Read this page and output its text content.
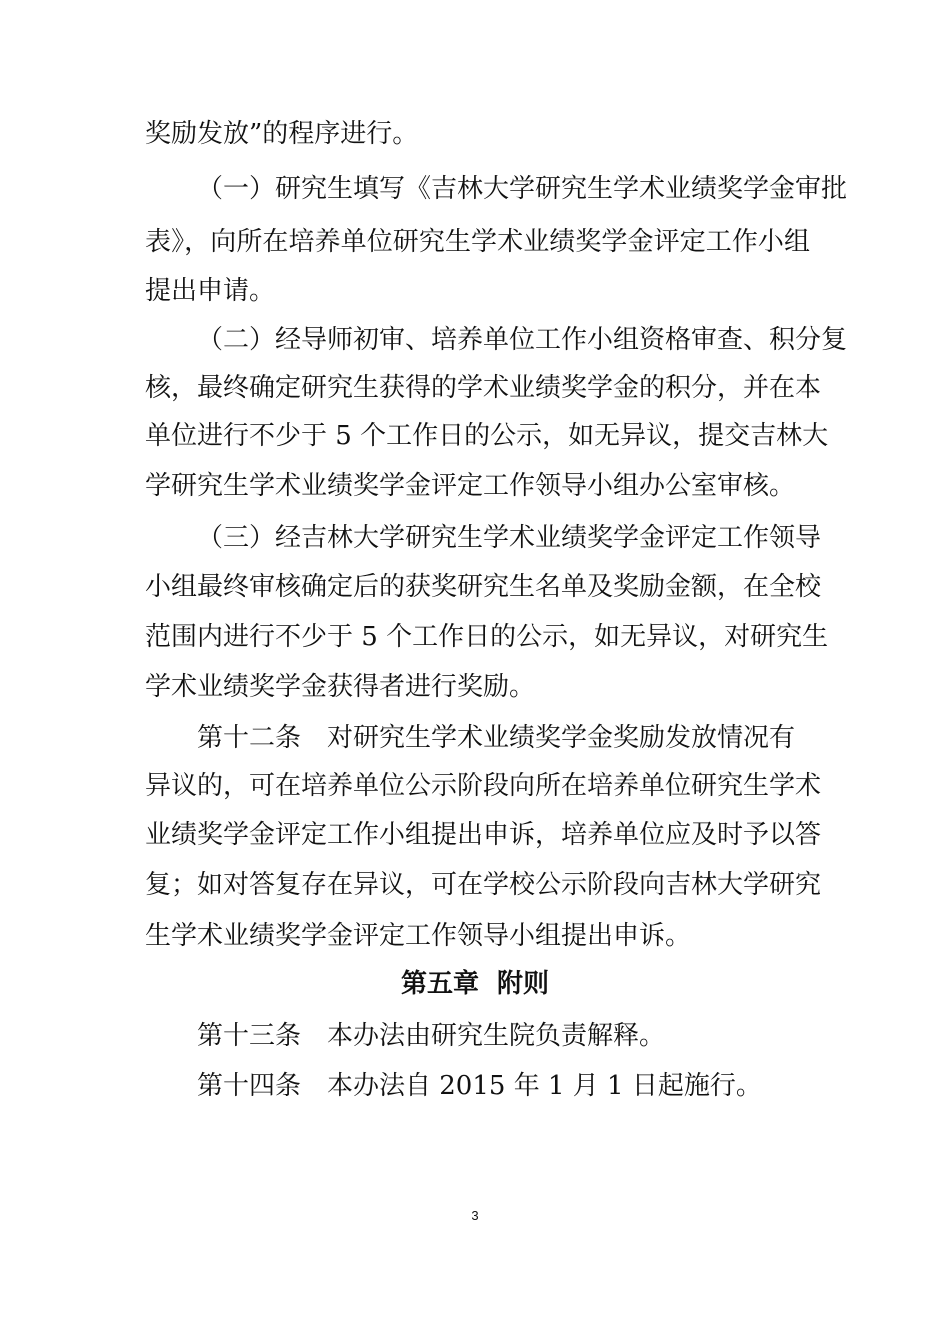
奖励发放”的程序进行。
（一）研究生填写《吉林大学研究生学术业绩奖学金审批
表》，向所在培养单位研究生学术业绩奖学金评定工作小组
提出申请。
（二）经导师初审、培养单位工作小组资格审查、积分复
核，最终确定研究生获得的学术业绩奖学金的积分，并在本
单位进行不少于 5 个工作日的公示，如无异议，提交吉林大
学研究生学术业绩奖学金评定工作领导小组办公室审核。
（三）经吉林大学研究生学术业绩奖学金评定工作领导
小组最终审核确定后的获奖研究生名单及奖励金额，在全校
范围内进行不少于 5 个工作日的公示，如无异议，对研究生
学术业绩奖学金获得者进行奖励。
第十二条　对研究生学术业绩奖学金奖励发放情况有
异议的，可在培养单位公示阶段向所在培养单位研究生学术
业绩奖学金评定工作小组提出申诉，培养单位应及时予以答
复；如对答复存在异议，可在学校公示阶段向吉林大学研究
生学术业绩奖学金评定工作领导小组提出申诉。
第五章  附则
第十三条　本办法由研究生院负责解释。
第十四条　本办法自 2015 年 1 月 1 日起施行。
3
